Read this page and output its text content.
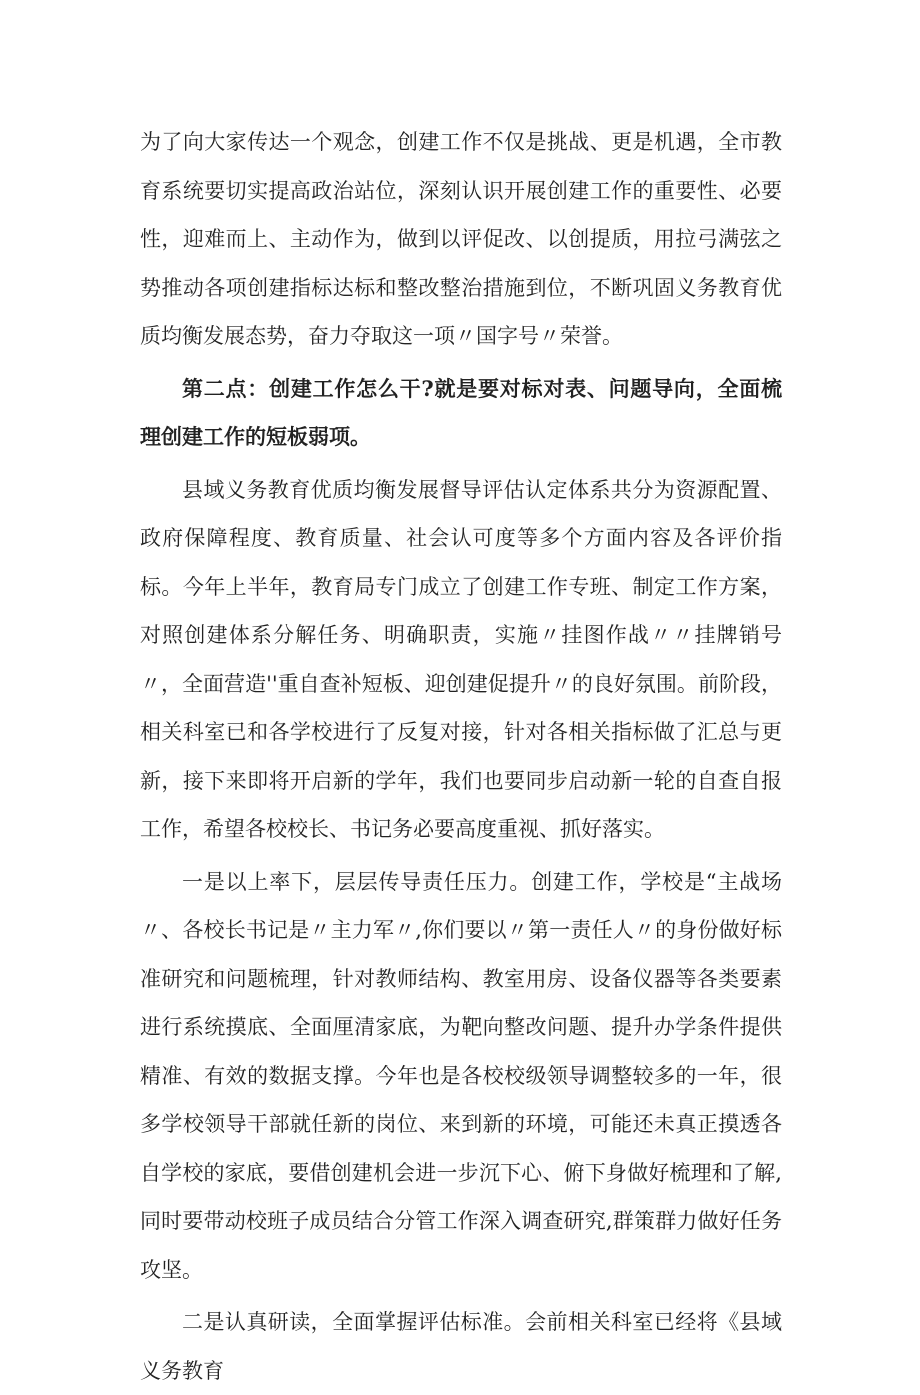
为了向大家传达一个观念，创建工作不仅是挑战、更是机遇，全市教育系统要切实提高政治站位，深刻认识开展创建工作的重要性、必要性，迎难而上、主动作为，做到以评促改、以创提质，用拉弓满弦之势推动各项创建指标达标和整改整治措施到位，不断巩固义务教育优质均衡发展态势，奋力夺取这一项〃国字号〃荣誉。

第二点：创建工作怎么干?就是要对标对表、问题导向，全面梳理创建工作的短板弱项。

县域义务教育优质均衡发展督导评估认定体系共分为资源配置、政府保障程度、教育质量、社会认可度等多个方面内容及各评价指标。今年上半年，教育局专门成立了创建工作专班、制定工作方案，对照创建体系分解任务、明确职责，实施〃挂图作战〃〃挂牌销号〃，全面营造''重自查补短板、迎创建促提升〃的良好氛围。前阶段，相关科室已和各学校进行了反复对接，针对各相关指标做了汇总与更新，接下来即将开启新的学年，我们也要同步启动新一轮的自查自报工作，希望各校校长、书记务必要高度重视、抓好落实。

一是以上率下，层层传导责任压力。创建工作，学校是“主战场〃、各校长书记是〃主力军〃,你们要以〃第一责任人〃的身份做好标准研究和问题梳理，针对教师结构、教室用房、设备仪器等各类要素进行系统摸底、全面厘清家底，为靶向整改问题、提升办学条件提供精准、有效的数据支撑。今年也是各校校级领导调整较多的一年，很多学校领导干部就任新的岗位、来到新的环境，可能还未真正摸透各自学校的家底，要借创建机会进一步沉下心、俯下身做好梳理和了解,同时要带动校班子成员结合分管工作深入调查研究,群策群力做好任务攻坚。

二是认真研读，全面掌握评估标准。会前相关科室已经将《县域义务教育
